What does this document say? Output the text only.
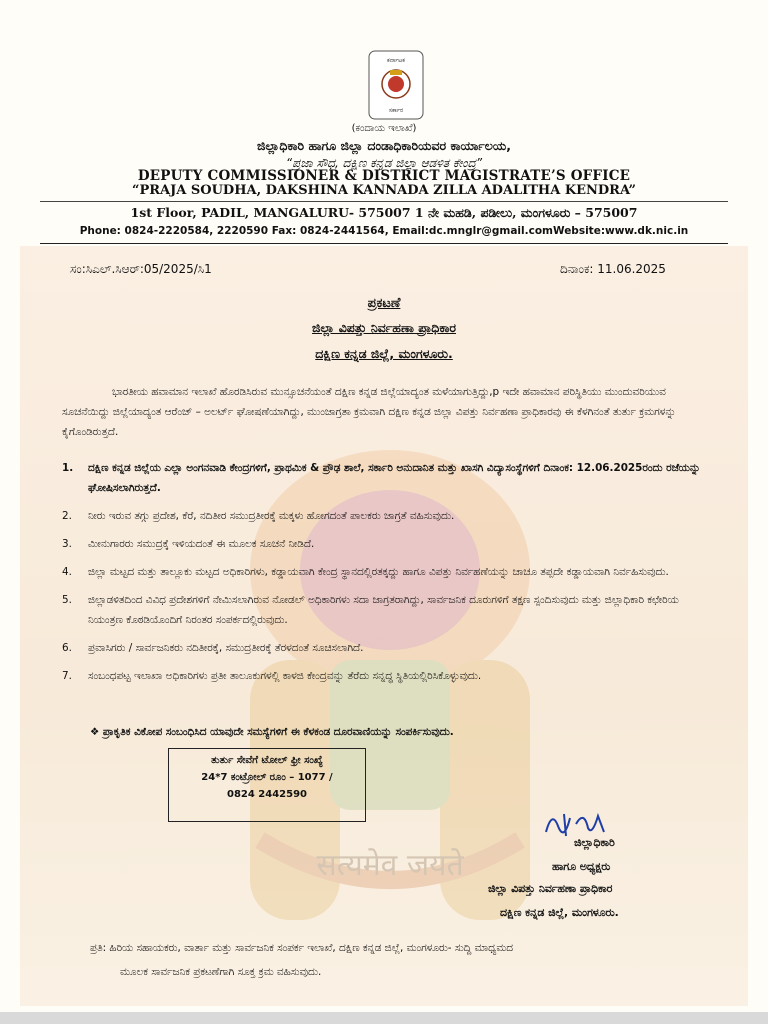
ಕರ್ನಾಟಕ
ಸರ್ಕಾರ
(ಕಂದಾಯ ಇಲಾಖೆ)
ಜಿಲ್ಲಾಧಿಕಾರಿ ಹಾಗೂ ಜಿಲ್ಲಾ ದಂಡಾಧಿಕಾರಿಯವರ ಕಾರ್ಯಾಲಯ,
“ಪ್ರಜಾ ಸೌಧ, ದಕ್ಷಿಣ ಕನ್ನಡ ಜಿಲ್ಲಾ ಆಡಳಿತ ಕೇಂದ್ರ”
DEPUTY COMMISSIONER & DISTRICT MAGISTRATE’S OFFICE
“PRAJA SOUDHA, DAKSHINA KANNADA ZILLA ADALITHA KENDRA”
1st Floor, PADIL, MANGALURU- 575007 1 ನೇ ಮಹಡಿ, ಪಡೀಲು, ಮಂಗಳೂರು – 575007
Phone: 0824-2220584, 2220590 Fax: 0824-2441564, Email:dc.mnglr@gmail.comWebsite:www.dk.nic.in
सत्यमेव जयते
ಸಂ:ಸಿಎಲ್.ಸಿಆರ್:05/2025/ಸಿ1	ದಿನಾಂಕ: 11.06.2025
ಪ್ರಕಟಣೆ
ಜಿಲ್ಲಾ ವಿಪತ್ತು ನಿರ್ವಹಣಾ ಪ್ರಾಧಿಕಾರ
ದಕ್ಷಿಣ ಕನ್ನಡ ಜಿಲ್ಲೆ, ಮಂಗಳೂರು.
ಭಾರತೀಯ ಹವಾಮಾನ ಇಲಾಖೆ ಹೊರಡಿಸಿರುವ ಮುನ್ಸೂಚನೆಯಂತೆ ದಕ್ಷಿಣ ಕನ್ನಡ ಜಿಲ್ಲೆಯಾದ್ಯಂತ ಮಳೆಯಾಗುತ್ತಿದ್ದು,p ಇದೇ ಹವಾಮಾನ ಪರಿಸ್ಥಿತಿಯು ಮುಂದುವರಿಯುವ ಸೂಚನೆಯಿದ್ದು ಜಿಲ್ಲೆಯಾದ್ಯಂತ ಆರೆಂಜ್ – ಅಲರ್ಟ್ ಘೋಷಣೆಯಾಗಿದ್ದು, ಮುಂಜಾಗ್ರತಾ ಕ್ರಮವಾಗಿ ದಕ್ಷಿಣ ಕನ್ನಡ ಜಿಲ್ಲಾ ವಿಪತ್ತು ನಿರ್ವಹಣಾ ಪ್ರಾಧಿಕಾರವು ಈ ಕೆಳಗಿನಂತೆ ತುರ್ತು ಕ್ರಮಗಳನ್ನು ಕೈಗೊಂಡಿರುತ್ತದೆ.
1.	ದಕ್ಷಿಣ ಕನ್ನಡ ಜಿಲ್ಲೆಯ ಎಲ್ಲಾ ಅಂಗನವಾಡಿ ಕೇಂದ್ರಗಳಿಗೆ, ಪ್ರಾಥಮಿಕ & ಪ್ರೌಢ ಶಾಲೆ, ಸರ್ಕಾರಿ ಅನುದಾನಿತ ಮತ್ತು ಖಾಸಗಿ ವಿದ್ಯಾಸಂಸ್ಥೆಗಳಿಗೆ ದಿನಾಂಕ: 12.06.2025ರಂದು ರಜೆಯನ್ನು ಘೋಷಿಸಲಾಗಿರುತ್ತದೆ.
2.	ನೀರು ಇರುವ ತಗ್ಗು ಪ್ರದೇಶ, ಕೆರೆ, ನದಿತೀರ ಸಮುದ್ರತೀರಕ್ಕೆ ಮಕ್ಕಳು ಹೋಗದಂತೆ ಪಾಲಕರು ಜಾಗ್ರತೆ ವಹಿಸುವುದು.
3.	ಮೀನುಗಾರರು ಸಮುದ್ರಕ್ಕೆ ಇಳಿಯದಂತೆ ಈ ಮೂಲಕ ಸೂಚನೆ ನೀಡಿದೆ.
4.	ಜಿಲ್ಲಾ ಮಟ್ಟದ ಮತ್ತು ತಾಲ್ಲೂಕು ಮಟ್ಟದ ಅಧಿಕಾರಿಗಳು, ಕಡ್ಡಾಯವಾಗಿ ಕೇಂದ್ರ ಸ್ಥಾನದಲ್ಲಿರತಕ್ಕದ್ದು ಹಾಗೂ ವಿಪತ್ತು ನಿರ್ವಹಣೆಯನ್ನು ಚಾಚೂ ತಪ್ಪದೇ ಕಡ್ಡಾಯವಾಗಿ ನಿರ್ವಹಿಸುವುದು.
5.	ಜಿಲ್ಲಾಡಳಿತದಿಂದ ವಿವಿಧ ಪ್ರದೇಶಗಳಿಗೆ ನೇಮಿಸಲಾಗಿರುವ ನೋಡಲ್ ಅಧಿಕಾರಿಗಳು ಸದಾ ಜಾಗ್ರತರಾಗಿದ್ದು, ಸಾರ್ವಜನಿಕ ದೂರುಗಳಿಗೆ ತಕ್ಷಣ ಸ್ಪಂದಿಸುವುದು ಮತ್ತು ಜಿಲ್ಲಾಧಿಕಾರಿ ಕಛೇರಿಯ ನಿಯಂತ್ರಣ ಕೊಠಡಿಯೊಂದಿಗೆ ನಿರಂತರ ಸಂಪರ್ಕದಲ್ಲಿರುವುದು.
6.	ಪ್ರವಾಸಿಗರು / ಸಾರ್ವಜನಿಕರು ನದಿತೀರಕ್ಕೆ, ಸಮುದ್ರತೀರಕ್ಕೆ ತೆರಳದಂತೆ ಸೂಚಿಸಲಾಗಿದೆ.
7.	ಸಂಬಂಧಪಟ್ಟ ಇಲಾಖಾ ಅಧಿಕಾರಿಗಳು ಪ್ರತೀ ತಾಲೂಕುಗಳಲ್ಲಿ ಕಾಳಜಿ ಕೇಂದ್ರವನ್ನು ತೆರೆದು ಸನ್ನದ್ಧ ಸ್ಥಿತಿಯಲ್ಲಿರಿಸಿಕೊಳ್ಳುವುದು.
❖ ಪ್ರಾಕೃತಿಕ ವಿಕೋಪ ಸಂಬಂಧಿಸಿದ ಯಾವುದೇ ಸಮಸ್ಯೆಗಳಿಗೆ ಈ ಕೆಳಕಂಡ ದೂರವಾಣಿಯನ್ನು ಸಂಪರ್ಕಿಸುವುದು.
ತುರ್ತು ಸೇವೆಗೆ ಟೋಲ್ ಫ್ರೀ ಸಂಖ್ಯೆ
24*7 ಕಂಟ್ರೋಲ್ ರೂಂ – 1077 /
0824 2442590
ಜಿಲ್ಲಾಧಿಕಾರಿ
ಹಾಗೂ ಅಧ್ಯಕ್ಷರು
ಜಿಲ್ಲಾ ವಿಪತ್ತು ನಿರ್ವಹಣಾ ಪ್ರಾಧಿಕಾರ
ದಕ್ಷಿಣ ಕನ್ನಡ ಜಿಲ್ಲೆ, ಮಂಗಳೂರು.
ಪ್ರತಿ: ಹಿರಿಯ ಸಹಾಯಕರು, ವಾರ್ತಾ ಮತ್ತು ಸಾರ್ವಜನಿಕ ಸಂಪರ್ಕ ಇಲಾಖೆ, ದಕ್ಷಿಣ ಕನ್ನಡ ಜಿಲ್ಲೆ, ಮಂಗಳೂರು- ಸುದ್ದಿ ಮಾಧ್ಯಮದ
ಮೂಲಕ ಸಾರ್ವಜನಿಕ ಪ್ರಕಟಣೆಗಾಗಿ ಸೂಕ್ತ ಕ್ರಮ ವಹಿಸುವುದು.
